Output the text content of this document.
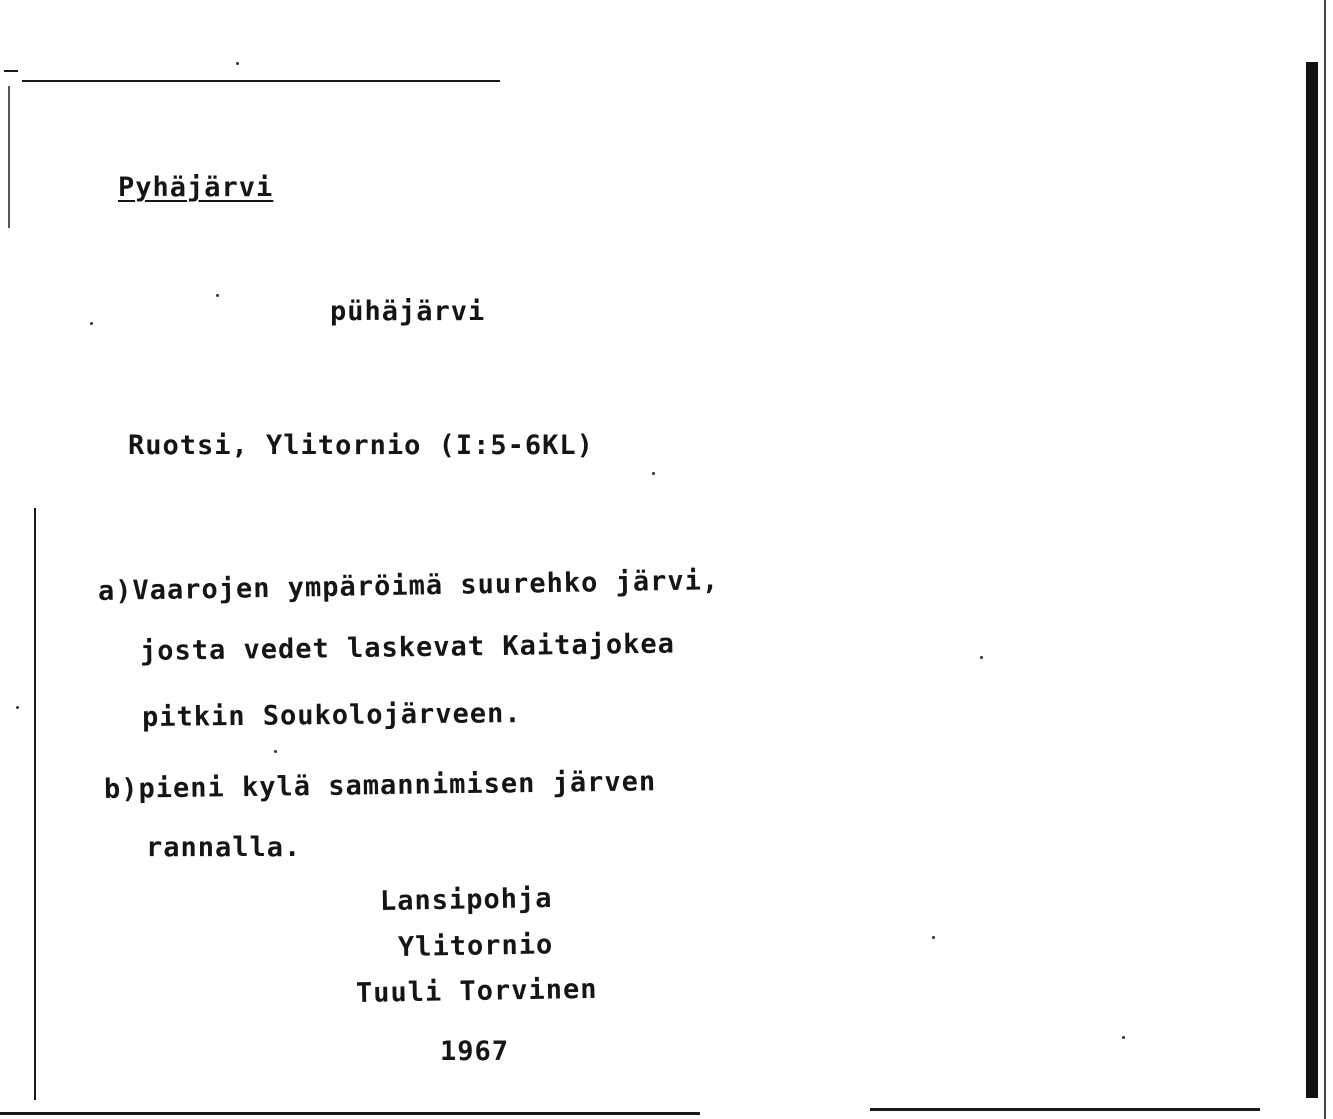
Pyhäjärvi
pühäjärvi
Ruotsi, Ylitornio (I:5-6KL)
a)Vaarojen ympäröimä suurehko järvi,
josta vedet laskevat Kaitajokea
pitkin Soukolojärveen.
b)pieni kylä samannimisen järven
rannalla.
Lansipohja
Ylitornio
Tuuli Torvinen
1967
